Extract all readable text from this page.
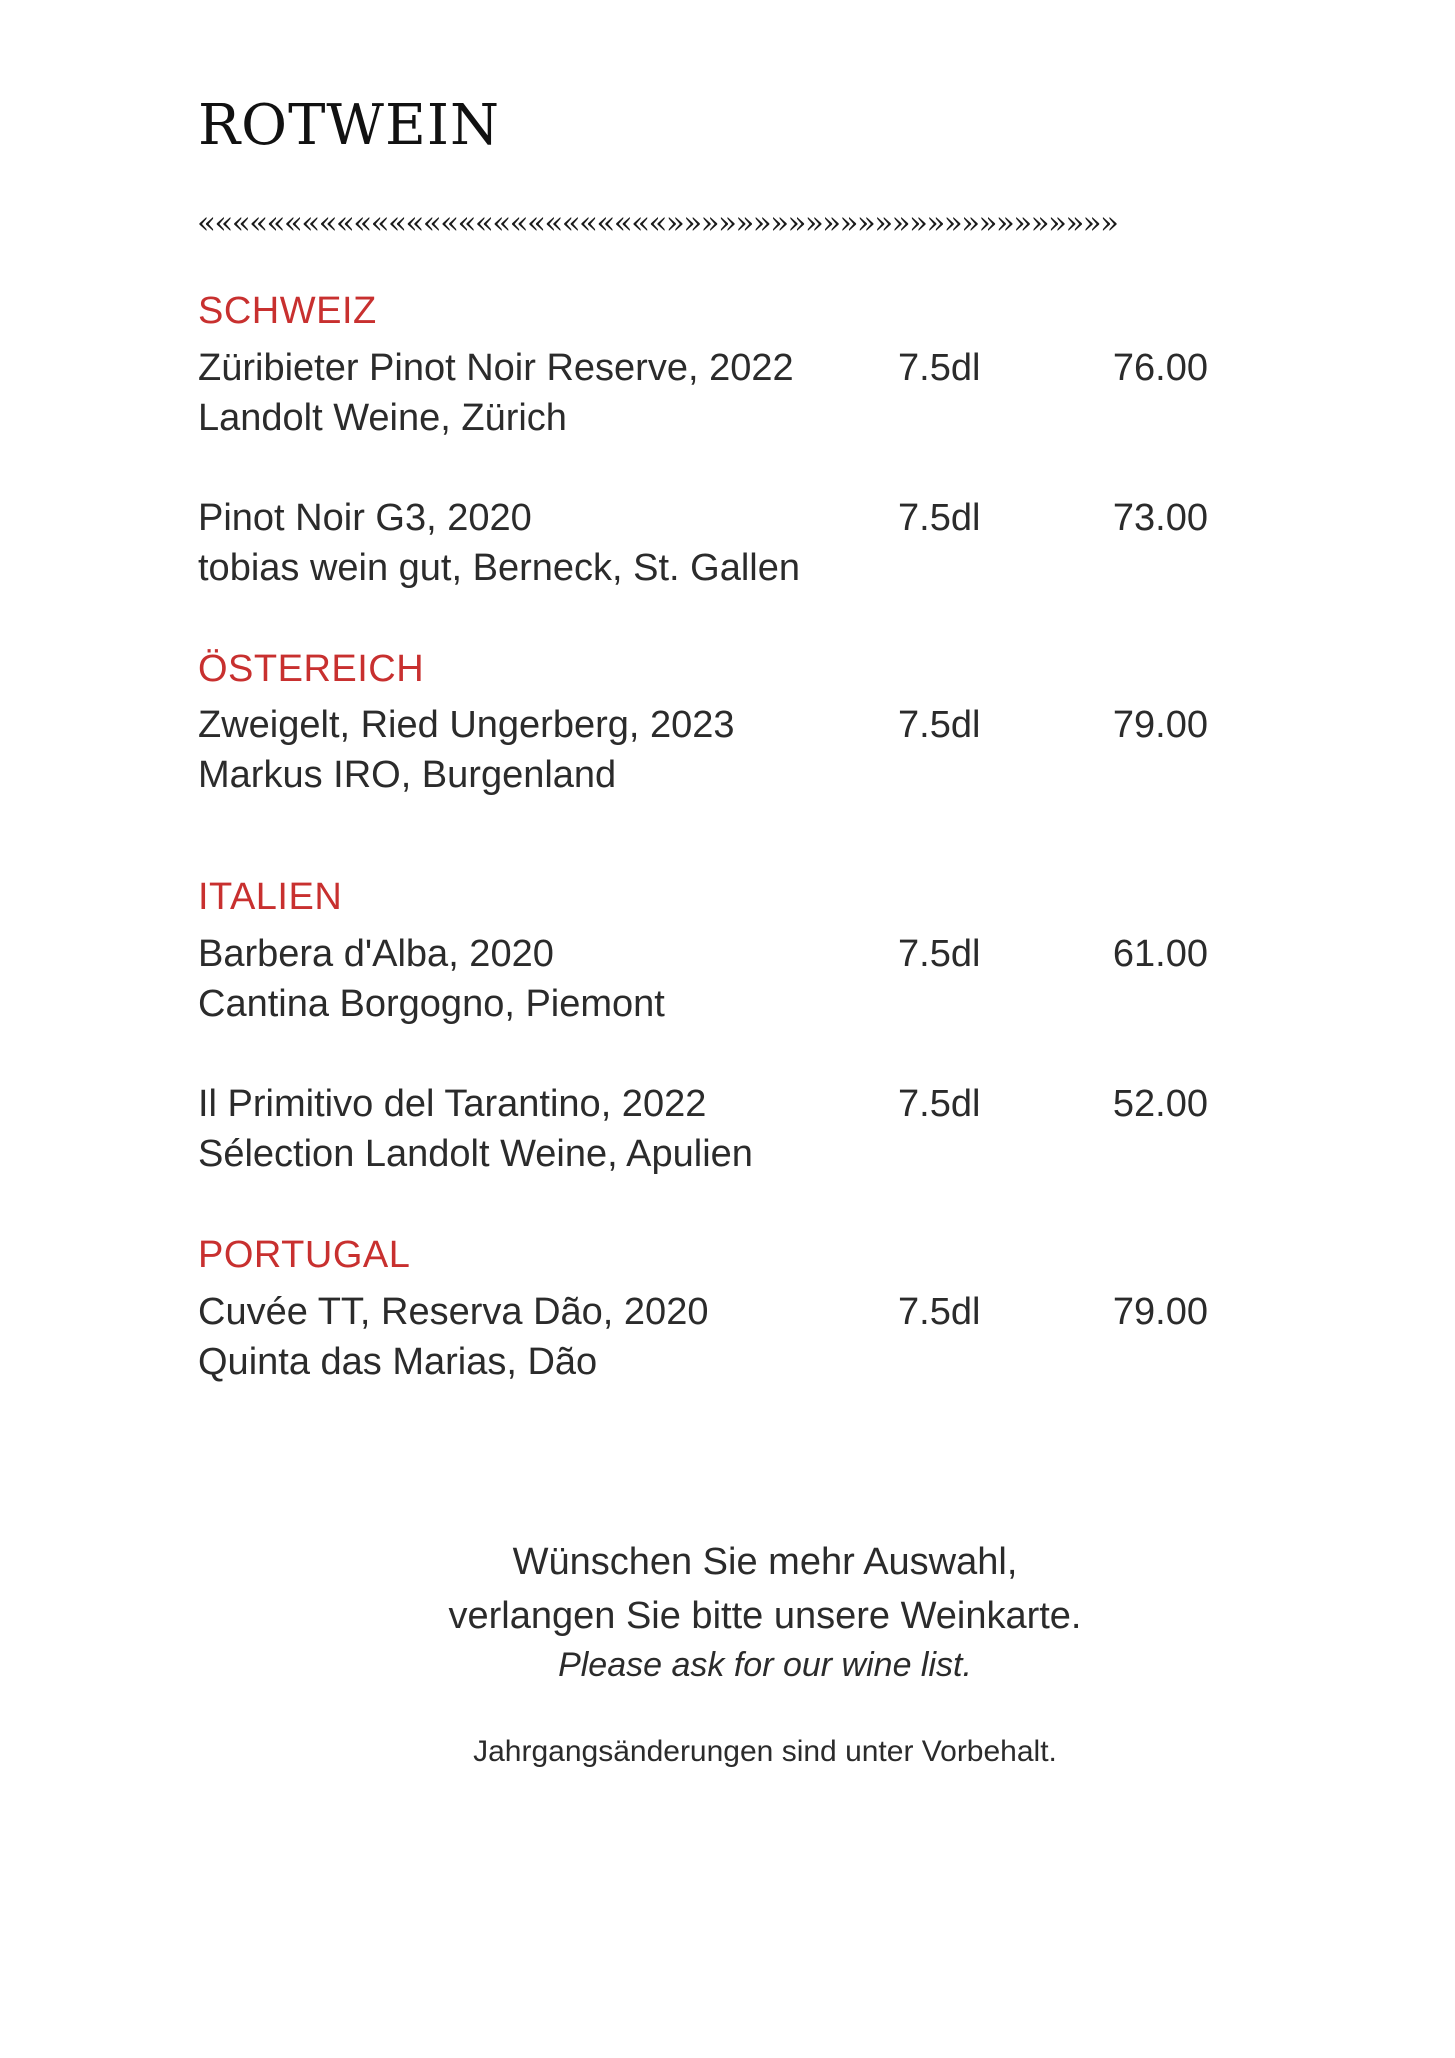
ROTWEIN
«««««««««««««««««««««««««««»»»»»»»»»»»»»»»»»»»»»»»»»»
SCHWEIZ
Züribieter Pinot Noir Reserve, 2022
Landolt Weine, Zürich
7.5dl	76.00
Pinot Noir G3, 2020
tobias wein gut, Berneck, St. Gallen
7.5dl	73.00
ÖSTEREICH
Zweigelt, Ried Ungerberg, 2023
Markus IRO, Burgenland
7.5dl	79.00
ITALIEN
Barbera d'Alba, 2020
Cantina Borgogno, Piemont
7.5dl	61.00
Il Primitivo del Tarantino, 2022
Sélection Landolt Weine, Apulien
7.5dl	52.00
PORTUGAL
Cuvée TT, Reserva Dão, 2020
Quinta das Marias, Dão
7.5dl	79.00
Wünschen Sie mehr Auswahl,
verlangen Sie bitte unsere Weinkarte.
Please ask for our wine list.
Jahrgangsänderungen sind unter Vorbehalt.
